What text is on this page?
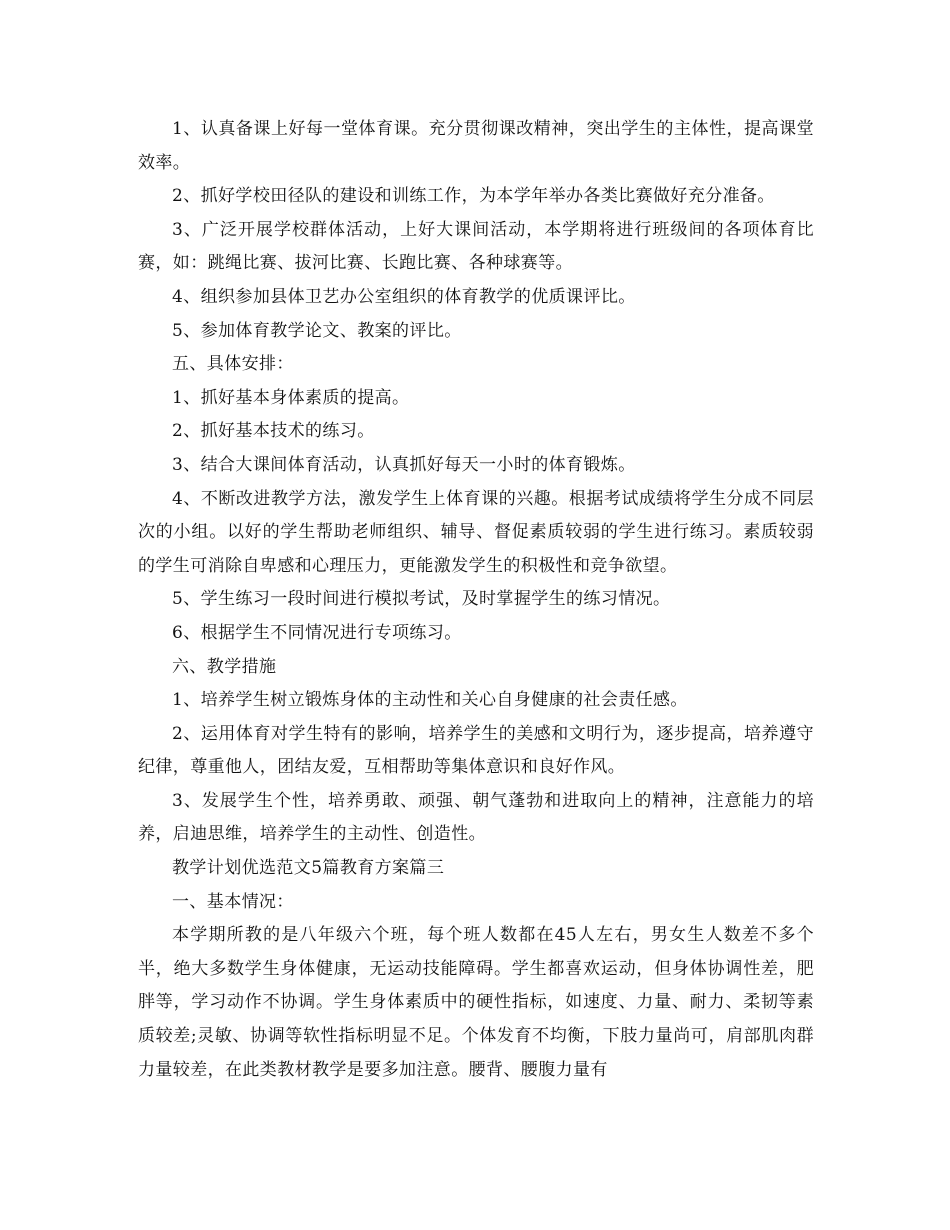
1、认真备课上好每一堂体育课。充分贯彻课改精神，突出学生的主体性，提高课堂效率。

2、抓好学校田径队的建设和训练工作，为本学年举办各类比赛做好充分准备。

3、广泛开展学校群体活动，上好大课间活动，本学期将进行班级间的各项体育比赛，如：跳绳比赛、拔河比赛、长跑比赛、各种球赛等。

4、组织参加县体卫艺办公室组织的体育教学的优质课评比。

5、参加体育教学论文、教案的评比。

五、具体安排：

1、抓好基本身体素质的提高。

2、抓好基本技术的练习。

3、结合大课间体育活动，认真抓好每天一小时的体育锻炼。

4、不断改进教学方法，激发学生上体育课的兴趣。根据考试成绩将学生分成不同层次的小组。以好的学生帮助老师组织、辅导、督促素质较弱的学生进行练习。素质较弱的学生可消除自卑感和心理压力，更能激发学生的积极性和竞争欲望。

5、学生练习一段时间进行模拟考试，及时掌握学生的练习情况。

6、根据学生不同情况进行专项练习。

六、教学措施

1、培养学生树立锻炼身体的主动性和关心自身健康的社会责任感。

2、运用体育对学生特有的影响，培养学生的美感和文明行为，逐步提高，培养遵守纪律，尊重他人，团结友爱，互相帮助等集体意识和良好作风。

3、发展学生个性，培养勇敢、顽强、朝气蓬勃和进取向上的精神，注意能力的培养，启迪思维，培养学生的主动性、创造性。

教学计划优选范文5篇教育方案篇三

一、基本情况：

本学期所教的是八年级六个班，每个班人数都在45人左右，男女生人数差不多个半，绝大多数学生身体健康，无运动技能障碍。学生都喜欢运动，但身体协调性差，肥胖等，学习动作不协调。学生身体素质中的硬性指标，如速度、力量、耐力、柔韧等素质较差;灵敏、协调等软性指标明显不足。个体发育不均衡，下肢力量尚可，肩部肌肉群力量较差，在此类教材教学是要多加注意。腰背、腰腹力量有
